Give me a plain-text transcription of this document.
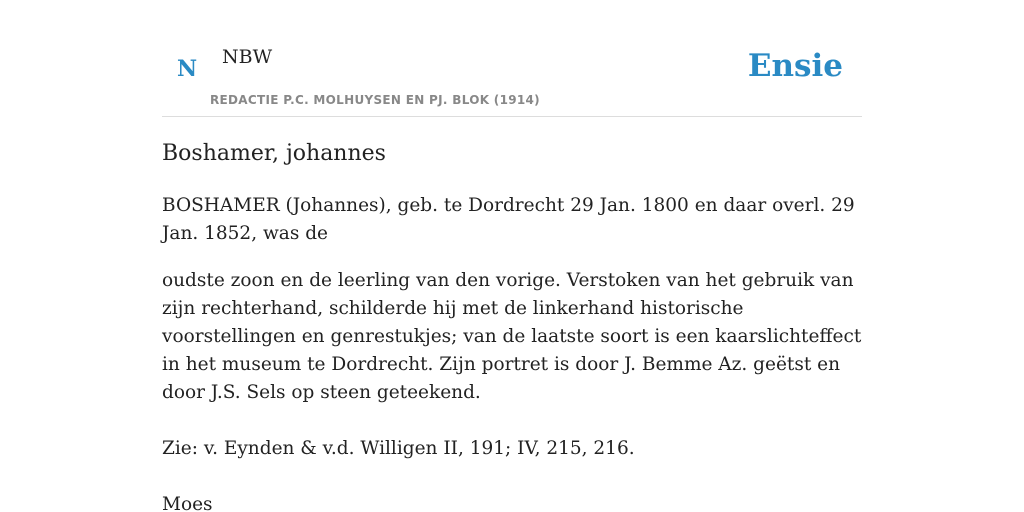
N NBW
REDACTIE P.C. MOLHUYSEN EN PJ. BLOK (1914)
Ensie
Boshamer, johannes

BOSHAMER (Johannes), geb. te Dordrecht 29 Jan. 1800 en daar overl. 29 Jan. 1852, was de

oudste zoon en de leerling van den vorige. Verstoken van het gebruik van zijn rechterhand, schilderde hij met de linkerhand historische voorstellingen en genrestukjes; van de laatste soort is een kaarslichteffect in het museum te Dordrecht. Zijn portret is door J. Bemme Az. geëtst en door J.S. Sels op steen geteekend.

Zie: v. Eynden & v.d. Willigen II, 191; IV, 215, 216.

Moes
